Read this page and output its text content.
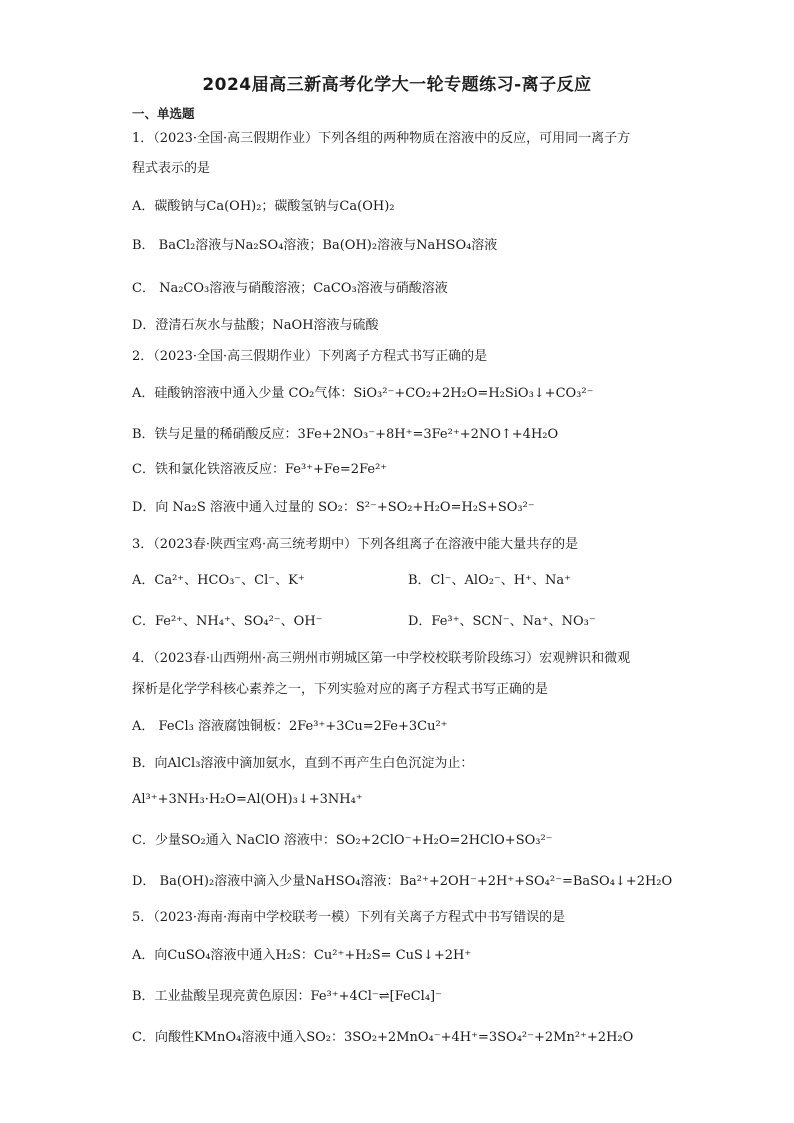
2024届高三新高考化学大一轮专题练习-离子反应
一、单选题
1．（2023·全国·高三假期作业）下列各组的两种物质在溶液中的反应，可用同一离子方
程式表示的是
A．碳酸钠与Ca(OH)₂；碳酸氢钠与Ca(OH)₂
B． BaCl₂溶液与Na₂SO₄溶液；Ba(OH)₂溶液与NaHSO₄溶液
C． Na₂CO₃溶液与硝酸溶液；CaCO₃溶液与硝酸溶液
D．澄清石灰水与盐酸；NaOH溶液与硫酸
2．（2023·全国·高三假期作业）下列离子方程式书写正确的是
A．硅酸钠溶液中通入少量 CO₂气体：SiO₃²⁻+CO₂+2H₂O=H₂SiO₃↓+CO₃²⁻
B．铁与足量的稀硝酸反应：3Fe+2NO₃⁻+8H⁺=3Fe²⁺+2NO↑+4H₂O
C．铁和氯化铁溶液反应：Fe³⁺+Fe=2Fe²⁺
D．向 Na₂S 溶液中通入过量的 SO₂：S²⁻+SO₂+H₂O=H₂S+SO₃²⁻
3．（2023春·陕西宝鸡·高三统考期中）下列各组离子在溶液中能大量共存的是
A．Ca²⁺、HCO₃⁻、Cl⁻、K⁺	B．Cl⁻、AlO₂⁻、H⁺、Na⁺
C．Fe²⁺、NH₄⁺、SO₄²⁻、OH⁻	D．Fe³⁺、SCN⁻、Na⁺、NO₃⁻
4．（2023春·山西朔州·高三朔州市朔城区第一中学校校联考阶段练习）宏观辨识和微观
探析是化学学科核心素养之一，下列实验对应的离子方程式书写正确的是
A． FeCl₃ 溶液腐蚀铜板：2Fe³⁺+3Cu=2Fe+3Cu²⁺
B．向AlCl₃溶液中滴加氨水，直到不再产生白色沉淀为止：
Al³⁺+3NH₃·H₂O=Al(OH)₃↓+3NH₄⁺
C．少量SO₂通入 NaClO 溶液中：SO₂+2ClO⁻+H₂O=2HClO+SO₃²⁻
D． Ba(OH)₂溶液中滴入少量NaHSO₄溶液：Ba²⁺+2OH⁻+2H⁺+SO₄²⁻=BaSO₄↓+2H₂O
5．（2023·海南·海南中学校联考一模）下列有关离子方程式中书写错误的是
A．向CuSO₄溶液中通入H₂S：Cu²⁺+H₂S= CuS↓+2H⁺
B．工业盐酸呈现亮黄色原因：Fe³⁺+4Cl⁻⇌[FeCl₄]⁻
C．向酸性KMnO₄溶液中通入SO₂：3SO₂+2MnO₄⁻+4H⁺=3SO₄²⁻+2Mn²⁺+2H₂O
